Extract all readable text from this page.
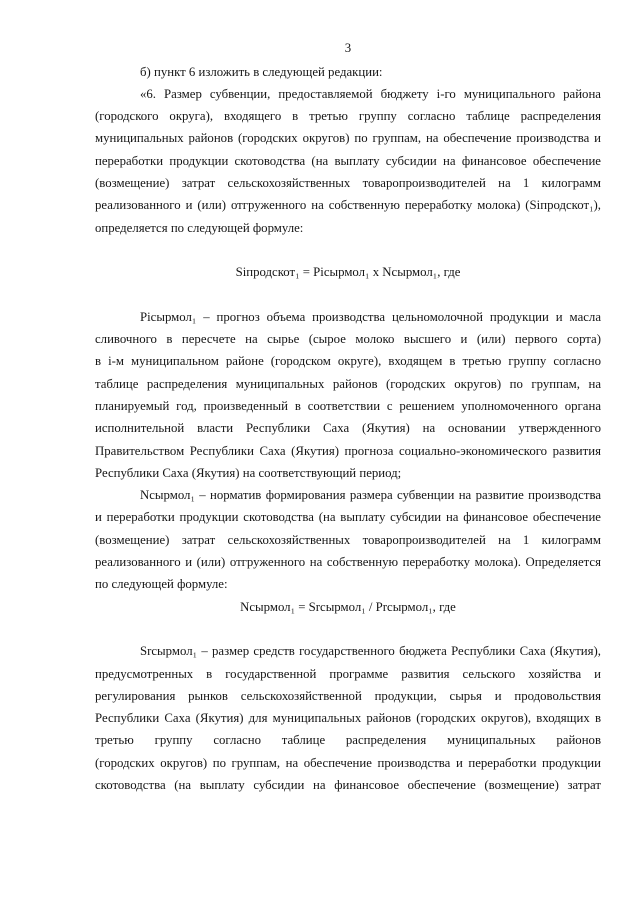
3
б) пункт 6 изложить в следующей редакции:
«6. Размер субвенции, предоставляемой бюджету i-го муниципального района
(городского округа), входящего в третью группу согласно таблице распределения
муниципальных районов (городских округов) по группам, на обеспечение производства и
переработки продукции скотоводства (на выплату субсидии на финансовое обеспечение
(возмещение) затрат сельскохозяйственных товаропроизводителей на 1 килограмм
реализованного и (или) отгруженного на собственную переработку молока) (Siпродскот₁),
определяется по следующей формуле:
Siпродскот₁ = Piсырмол₁ x Nсырмол₁, где
Piсырмол₁ – прогноз объема производства цельномолочной продукции и масла
сливочного в пересчете на сырье (сырое молоко высшего и (или) первого сорта)
в i-м муниципальном районе (городском округе), входящем в третью группу согласно
таблице распределения муниципальных районов (городских округов) по группам, на
планируемый год, произведенный в соответствии с решением уполномоченного органа
исполнительной власти Республики Саха (Якутия) на основании утвержденного
Правительством Республики Саха (Якутия) прогноза социально-экономического развития
Республики Саха (Якутия) на соответствующий период;
Nсырмол₁ – норматив формирования размера субвенции на развитие производства
и переработки продукции скотоводства (на выплату субсидии на финансовое обеспечение
(возмещение) затрат сельскохозяйственных товаропроизводителей на 1 килограмм
реализованного и (или) отгруженного на собственную переработку молока). Определяется
по следующей формуле:
Nсырмол₁ = Srсырмол₁ / Prсырмол₁, где
Srсырмол₁ – размер средств государственного бюджета Республики Саха (Якутия),
предусмотренных в государственной программе развития сельского хозяйства и
регулирования рынков сельскохозяйственной продукции, сырья и продовольствия
Республики Саха (Якутия) для муниципальных районов (городских округов), входящих в
третью группу согласно таблице распределения муниципальных районов
(городских округов) по группам, на обеспечение производства и переработки продукции
скотоводства (на выплату субсидии на финансовое обеспечение (возмещение) затрат
